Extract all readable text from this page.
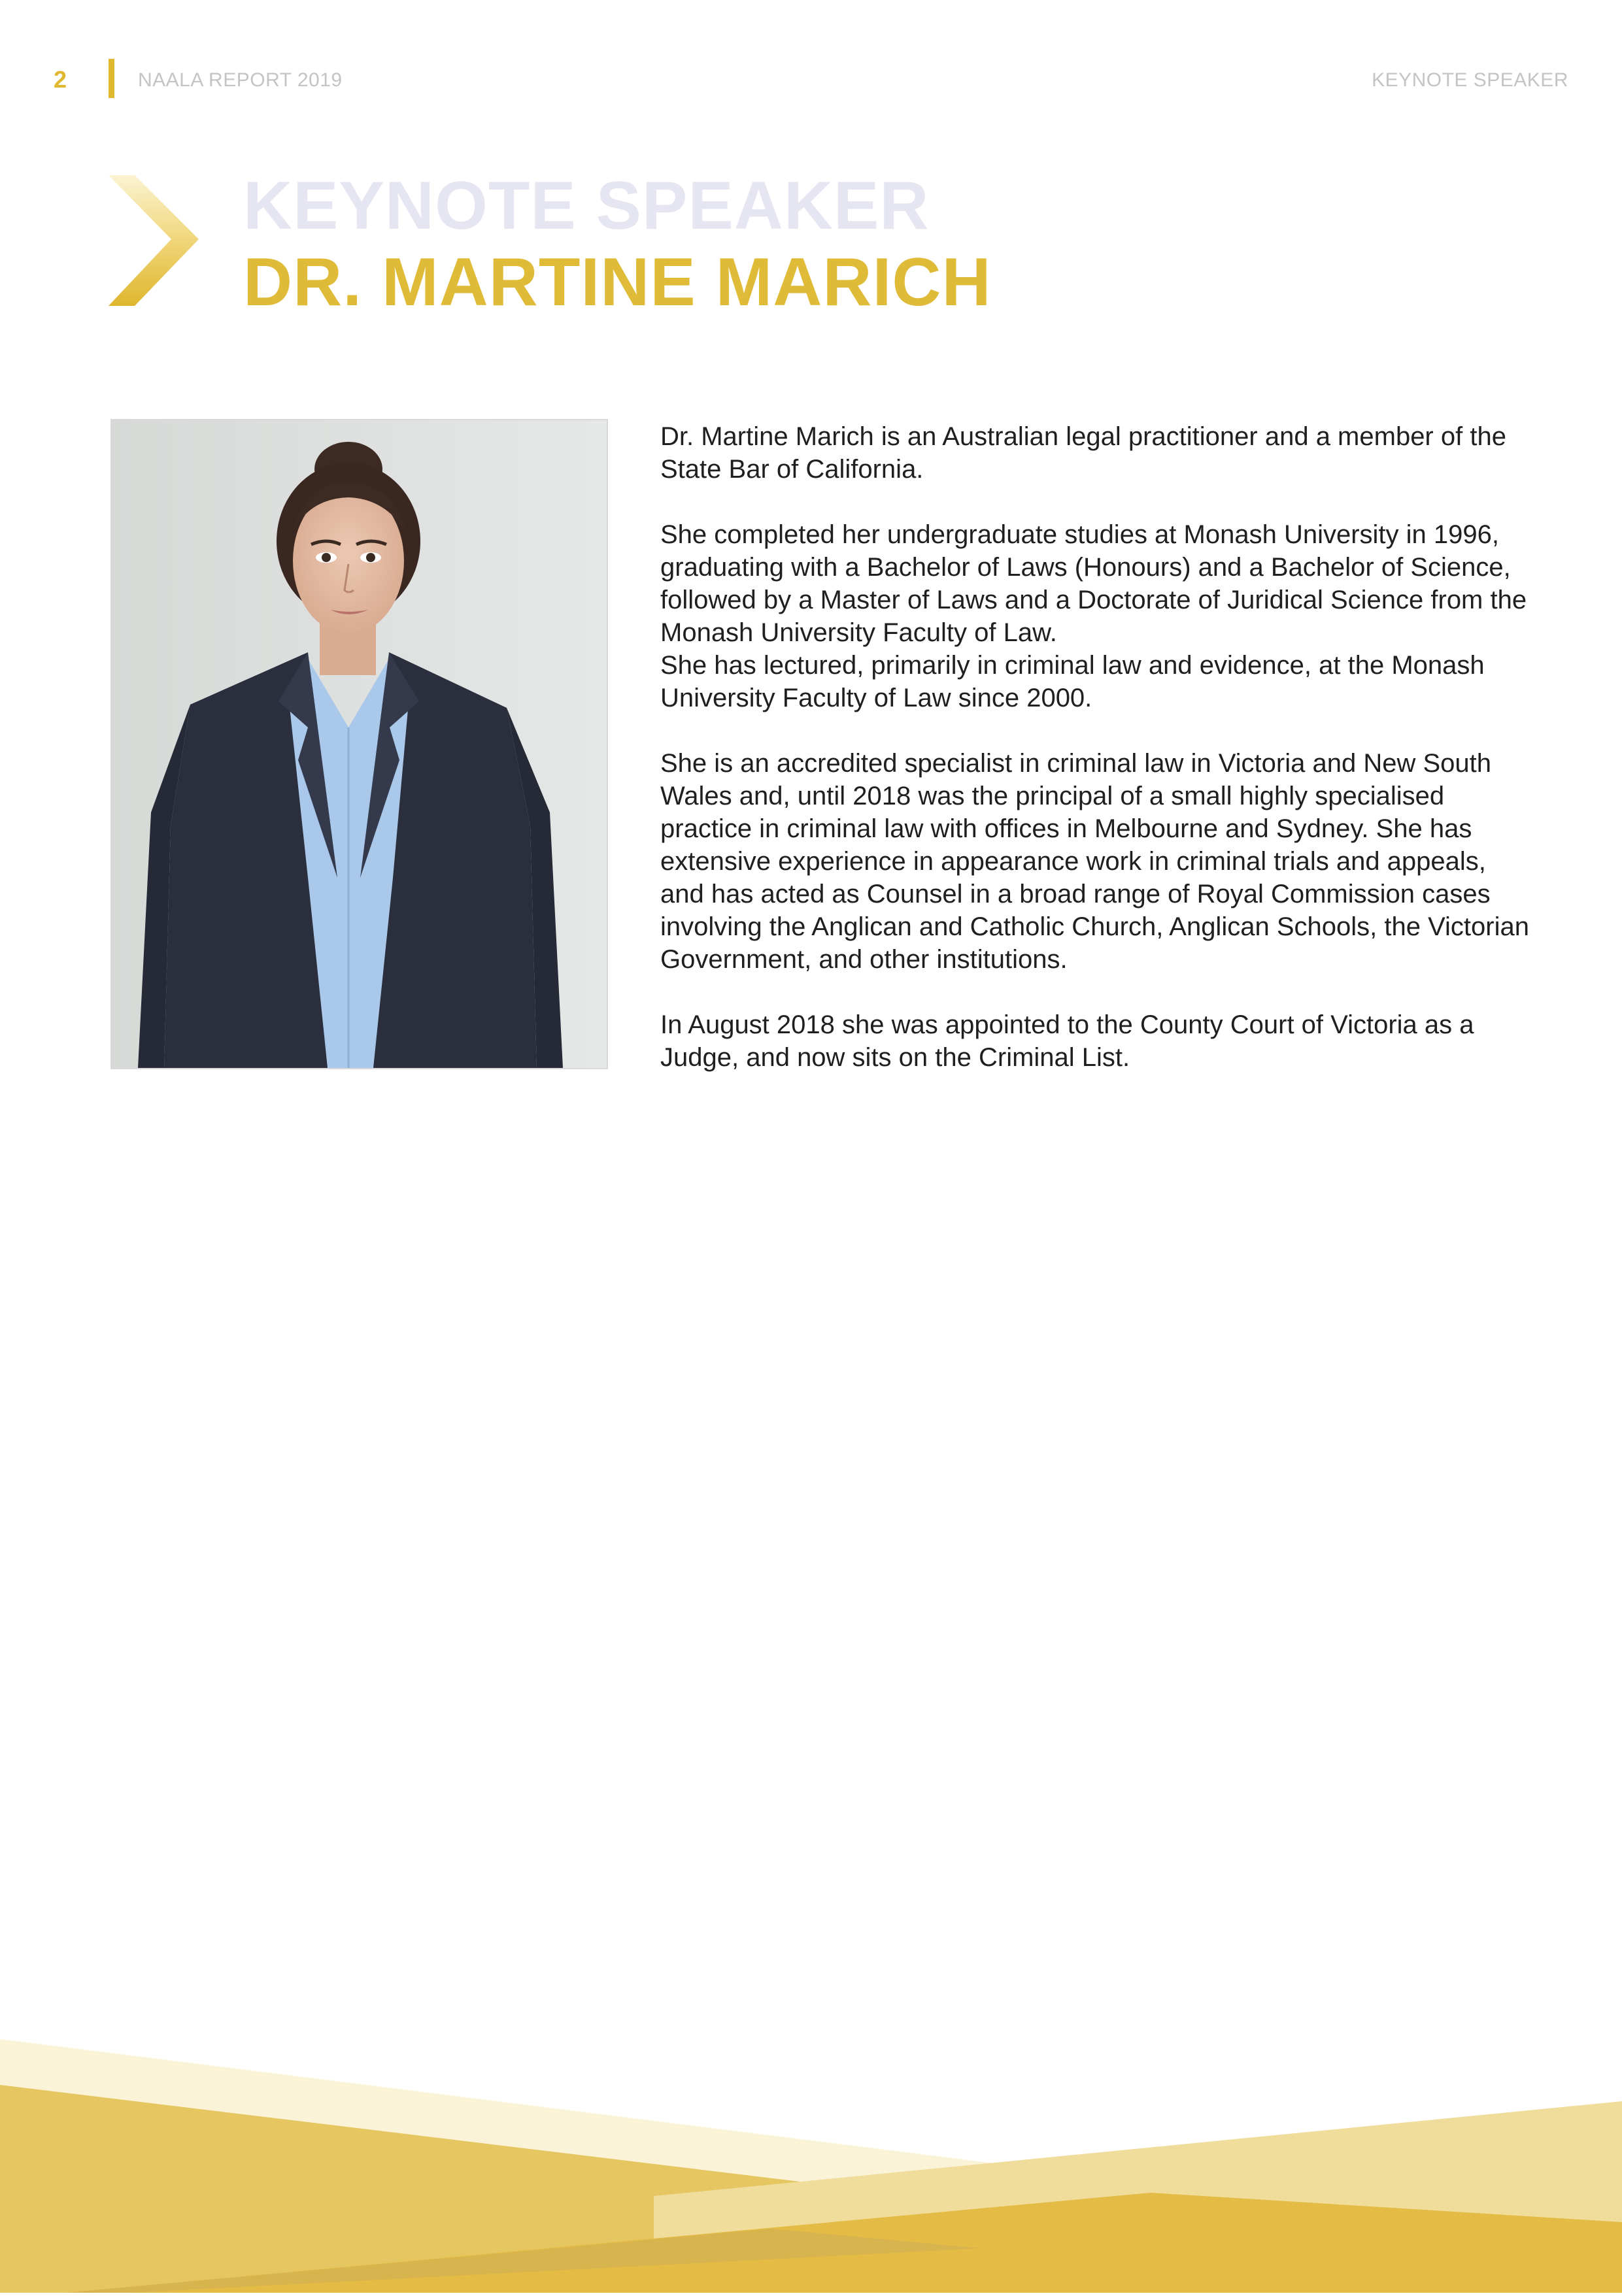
2	NAALA REPORT 2019	KEYNOTE SPEAKER
KEYNOTE SPEAKER
DR. MARTINE MARICH

Dr. Martine Marich is an Australian legal practitioner and a member of the State Bar of California.

She completed her undergraduate studies at Monash University in 1996, graduating with a Bachelor of Laws (Honours) and a Bachelor of Science, followed by a Master of Laws and a Doctorate of Juridical Science from the Monash University Faculty of Law.

She has lectured, primarily in criminal law and evidence, at the Monash University Faculty of Law since 2000.

She is an accredited specialist in criminal law in Victoria and New South Wales and, until 2018 was the principal of a small highly specialised practice in criminal law with offices in Melbourne and Sydney. She has extensive experience in appearance work in criminal trials and appeals, and has acted as Counsel in a broad range of Royal Commission cases involving the Anglican and Catholic Church, Anglican Schools, the Victorian Government, and other institutions.

In August 2018 she was appointed to the County Court of Victoria as a Judge, and now sits on the Criminal List.
